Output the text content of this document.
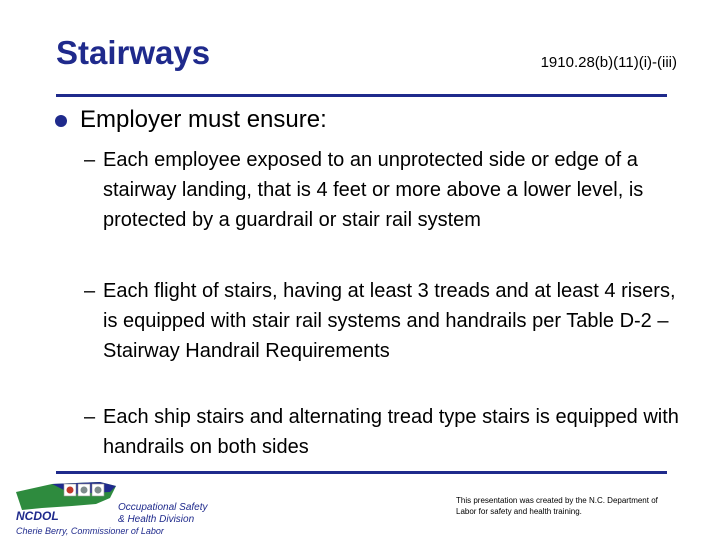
Stairways	1910.28(b)(11)(i)-(iii)
Employer must ensure:
– Each employee exposed to an unprotected side or edge of a stairway landing, that is 4 feet or more above a lower level, is protected by a guardrail or stair rail system
– Each flight of stairs, having at least 3 treads and at least 4 risers, is equipped with stair rail systems and handrails per Table D-2 – Stairway Handrail Requirements
– Each ship stairs and alternating tread type stairs is equipped with handrails on both sides
NCDOL
Occupational Safety
& Health Division
Cherie Berry, Commissioner of Labor
This presentation was created by the N.C. Department of Labor for safety and health training.
